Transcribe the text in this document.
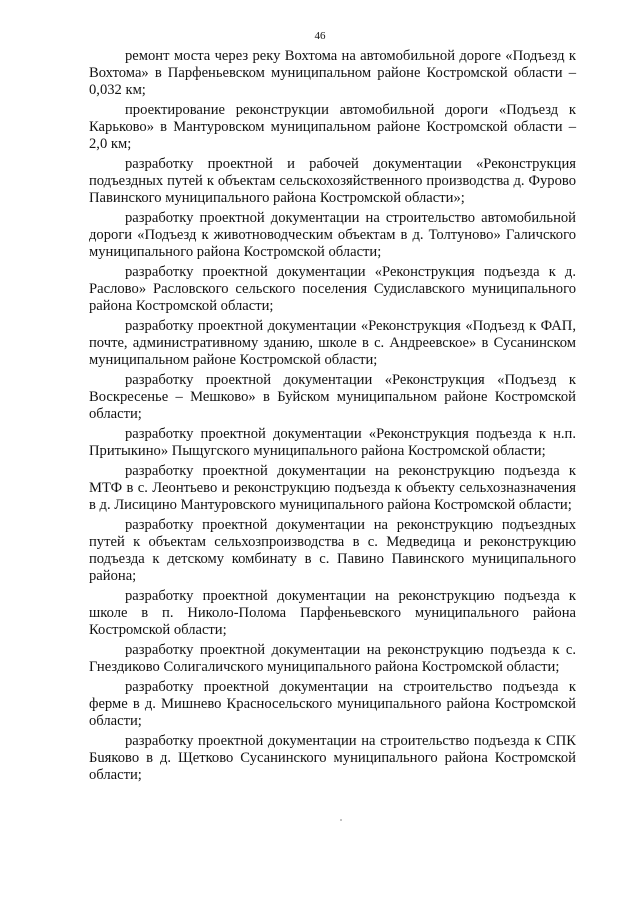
46

ремонт моста через реку Вохтома на автомобильной дороге «Подъезд к Вохтома» в Парфеньевском муниципальном районе Костромской области – 0,032 км;

проектирование реконструкции автомобильной дороги «Подъезд к Карьково» в Мантуровском муниципальном районе Костромской области – 2,0 км;

разработку проектной и рабочей документации «Реконструкция подъездных путей к объектам сельскохозяйственного производства д. Фурово Павинского муниципального района Костромской области»;

разработку проектной документации на строительство автомобильной дороги «Подъезд к животноводческим объектам в д. Толтуново» Галичского муниципального района Костромской области;

разработку проектной документации «Реконструкция подъезда к д. Расловo» Расловского сельского поселения Судиславского муниципального района Костромской области;

разработку проектной документации «Реконструкция «Подъезд к ФАП, почте, административному зданию, школе в с. Андреевское» в Сусанинском муниципальном районе Костромской области;

разработку проектной документации «Реконструкция «Подъезд к Воскресенье – Мешково» в Буйском муниципальном районе Костромской области;

разработку проектной документации «Реконструкция подъезда к н.п. Притыкино» Пыщугского муниципального района Костромской области;

разработку проектной документации на реконструкцию подъезда к МТФ в с. Леонтьево и реконструкцию подъезда к объекту сельхозназначения в д. Лисицино Мантуровского муниципального района Костромской области;

разработку проектной документации на реконструкцию подъездных путей к объектам сельхозпроизводства в с. Медведица и реконструкцию подъезда к детскому комбинату в с. Павино Павинского муниципального района;

разработку проектной документации на реконструкцию подъезда к школе в п. Николо-Полома Парфеньевского муниципального района Костромской области;

разработку проектной документации на реконструкцию подъезда к с. Гнездиково Солигаличского муниципального района Костромской области;

разработку проектной документации на строительство подъезда к ферме в д. Мишнево Красносельского муниципального района Костромской области;

разработку проектной документации на строительство подъезда к СПК Бuяково в д. Щетково Сусанинского муниципального района Костромской области;
